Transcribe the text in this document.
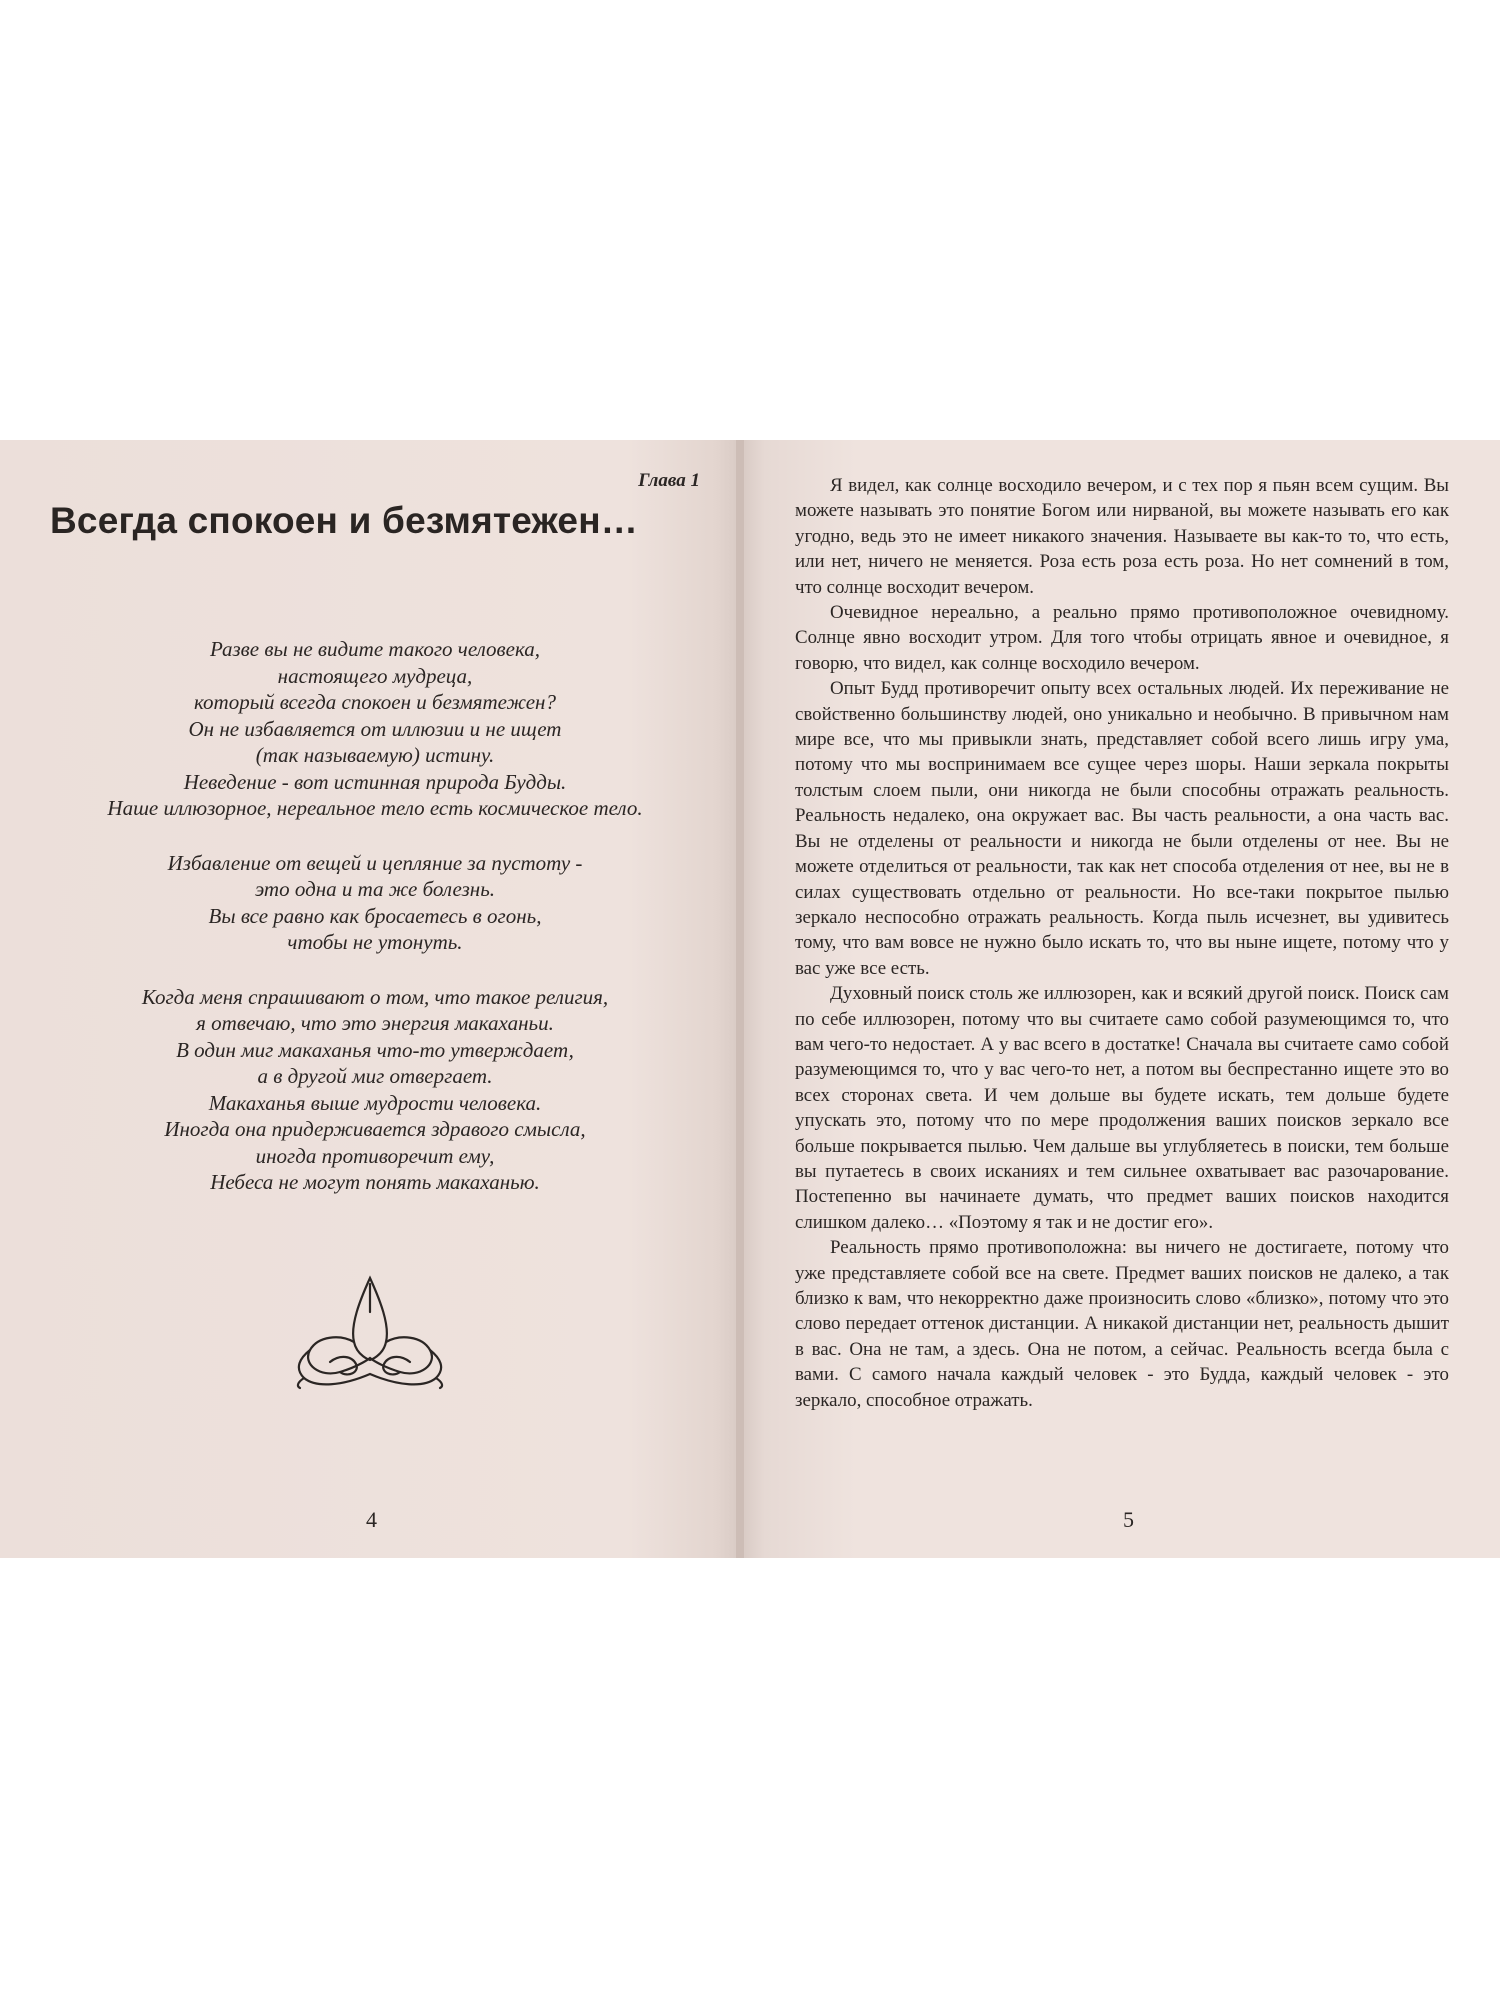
Глава 1
Всегда спокоен и безмятежен…
Разве вы не видите такого человека,
настоящего мудреца,
который всегда спокоен и безмятежен?
Он не избавляется от иллюзии и не ищет
(так называемую) истину.
Неведение - вот истинная природа Будды.
Наше иллюзорное, нереальное тело есть космическое тело.
Избавление от вещей и цепляние за пустоту -
это одна и та же болезнь.
Вы все равно как бросаетесь в огонь,
чтобы не утонуть.
Когда меня спрашивают о том, что такое религия,
я отвечаю, что это энергия макаханьи.
В один миг макаханья что-то утверждает,
а в другой миг отвергает.
Макаханья выше мудрости человека.
Иногда она придерживается здравого смысла,
иногда противоречит ему,
Небеса не могут понять макаханью.
4

Я видел, как солнце восходило вечером, и с тех пор я пьян всем сущим. Вы можете называть это понятие Богом или нирваной, вы можете называть его как угодно, ведь это не имеет никакого значения. Называете вы как-то то, что есть, или нет, ничего не меняется. Роза есть роза есть роза. Но нет сомнений в том, что солнце восходит вечером.

Очевидное нереально, а реально прямо противоположное очевидному. Солнце явно восходит утром. Для того чтобы отрицать явное и очевидное, я говорю, что видел, как солнце восходило вечером.

Опыт Будд противоречит опыту всех остальных людей. Их переживание не свойственно большинству людей, оно уникально и необычно. В привычном нам мире все, что мы привыкли знать, представляет собой всего лишь игру ума, потому что мы воспринимаем все сущее через шоры. Наши зеркала покрыты толстым слоем пыли, они никогда не были способны отражать реальность. Реальность недалеко, она окружает вас. Вы часть реальности, а она часть вас. Вы не отделены от реальности и никогда не были отделены от нее. Вы не можете отделиться от реальности, так как нет способа отделения от нее, вы не в силах существовать отдельно от реальности. Но все-таки покрытое пылью зеркало неспособно отражать реальность. Когда пыль исчезнет, вы удивитесь тому, что вам вовсе не нужно было искать то, что вы ныне ищете, потому что у вас уже все есть.

Духовный поиск столь же иллюзорен, как и всякий другой поиск. Поиск сам по себе иллюзорен, потому что вы считаете само собой разумеющимся то, что вам чего-то недостает. А у вас всего в достатке! Сначала вы считаете само собой разумеющимся то, что у вас чего-то нет, а потом вы беспрестанно ищете это во всех сторонах света. И чем дольше вы будете искать, тем дольше будете упускать это, потому что по мере продолжения ваших поисков зеркало все больше покрывается пылью. Чем дальше вы углубляетесь в поиски, тем больше вы путаетесь в своих исканиях и тем сильнее охватывает вас разочарование. Постепенно вы начинаете думать, что предмет ваших поисков находится слишком далеко… «Поэтому я так и не достиг его».

Реальность прямо противоположна: вы ничего не достигаете, потому что уже представляете собой все на свете. Предмет ваших поисков не далеко, а так близко к вам, что некорректно даже произносить слово «близко», потому что это слово передает оттенок дистанции. А никакой дистанции нет, реальность дышит в вас. Она не там, а здесь. Она не потом, а сейчас. Реальность всегда была с вами. С самого начала каждый человек - это Будда, каждый человек - это зеркало, способное отражать.

5
